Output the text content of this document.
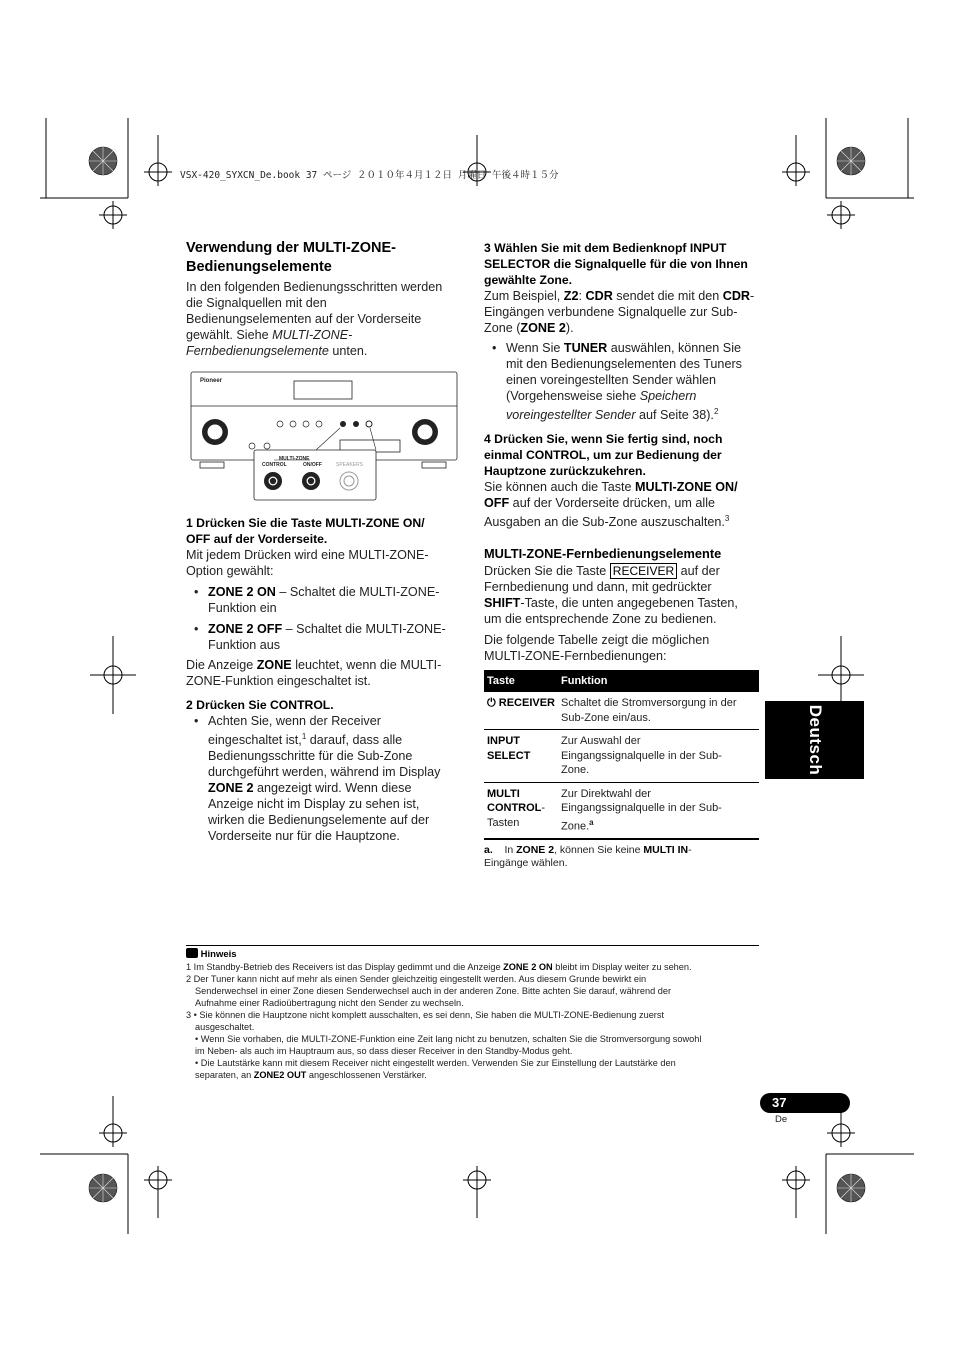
VSX-420_SYXCN_De.book 37 ページ ２０１０年４月１２日 月曜日 午後４時１５分
Verwendung der MULTI-ZONE-
Bedienungselemente
In den folgenden Bedienungsschritten werden
die Signalquellen mit den
Bedienungselementen auf der Vorderseite
gewählt. Siehe MULTI-ZONE-
Fernbedienungselemente unten.
Pioneer
MULTI-ZONE
CONTROL	ON/OFF	SPEAKERS

1 Drücken Sie die Taste MULTI-ZONE ON/
OFF auf der Vorderseite.

Mit jedem Drücken wird eine MULTI-ZONE-
Option gewählt:

• ZONE 2 ON – Schaltet die MULTI-ZONE-
Funktion ein

• ZONE 2 OFF – Schaltet die MULTI-ZONE-
Funktion aus

Die Anzeige ZONE leuchtet, wenn die MULTI-
ZONE-Funktion eingeschaltet ist.

2 Drücken Sie CONTROL.

• Achten Sie, wenn der Receiver
eingeschaltet ist,$^1$ darauf, dass alle
Bedienungsschritte für die Sub-Zone
durchgeführt werden, während im Display
ZONE 2 angezeigt wird. Wenn diese
Anzeige nicht im Display zu sehen ist,
wirken die Bedienungselemente auf der
Vorderseite nur für die Hauptzone.

3 Wählen Sie mit dem Bedienknopf INPUT
SELECTOR die Signalquelle für die von Ihnen
gewählte Zone.

Zum Beispiel, Z2: CDR sendet die mit den CDR-
Eingängen verbundene Signalquelle zur Sub-
Zone (ZONE 2).

• Wenn Sie TUNER auswählen, können Sie
mit den Bedienungselementen des Tuners
einen voreingestellten Sender wählen
(Vorgehensweise siehe Speichern
voreingestellter Sender auf Seite 38).$^2$

4 Drücken Sie, wenn Sie fertig sind, noch
einmal CONTROL, um zur Bedienung der
Hauptzone zurückzukehren.

Sie können auch die Taste MULTI-ZONE ON/
OFF auf der Vorderseite drücken, um alle
Ausgaben an die Sub-Zone auszuschalten.$^3$

MULTI-ZONE-Fernbedienungselemente

Drücken Sie die Taste RECEIVER auf der
Fernbedienung und dann, mit gedrückter
SHIFT-Taste, die unten angegebenen Tasten,
um die entsprechende Zone zu bedienen.

Die folgende Tabelle zeigt die möglichen
MULTI-ZONE-Fernbedienungen:

Taste	Funktion
⏻ RECEIVER	Schaltet die Stromversorgung in der
Sub-Zone ein/aus.
INPUT
SELECT	Zur Auswahl der
Eingangssignalquelle in der Sub-
Zone.
MULTI
CONTROL-
Tasten	Zur Direktwahl der
Eingangssignalquelle in der Sub-
Zone.$^a$
a. In ZONE 2, können Sie keine MULTI IN-
Eingänge wählen.
Deutsch
Hinweis
1 Im Standby-Betrieb des Receivers ist das Display gedimmt und die Anzeige ZONE 2 ON bleibt im Display weiter zu sehen.
2 Der Tuner kann nicht auf mehr als einen Sender gleichzeitig eingestellt werden. Aus diesem Grunde bewirkt ein
Senderwechsel in einer Zone diesen Senderwechsel auch in der anderen Zone. Bitte achten Sie darauf, während der
Aufnahme einer Radioübertragung nicht den Sender zu wechseln.
3 • Sie können die Hauptzone nicht komplett ausschalten, es sei denn, Sie haben die MULTI-ZONE-Bedienung zuerst
ausgeschaltet.
• Wenn Sie vorhaben, die MULTI-ZONE-Funktion eine Zeit lang nicht zu benutzen, schalten Sie die Stromversorgung sowohl
im Neben- als auch im Hauptraum aus, so dass dieser Receiver in den Standby-Modus geht.
• Die Lautstärke kann mit diesem Receiver nicht eingestellt werden. Verwenden Sie zur Einstellung der Lautstärke den
separaten, an ZONE2 OUT angeschlossenen Verstärker.
37
De
